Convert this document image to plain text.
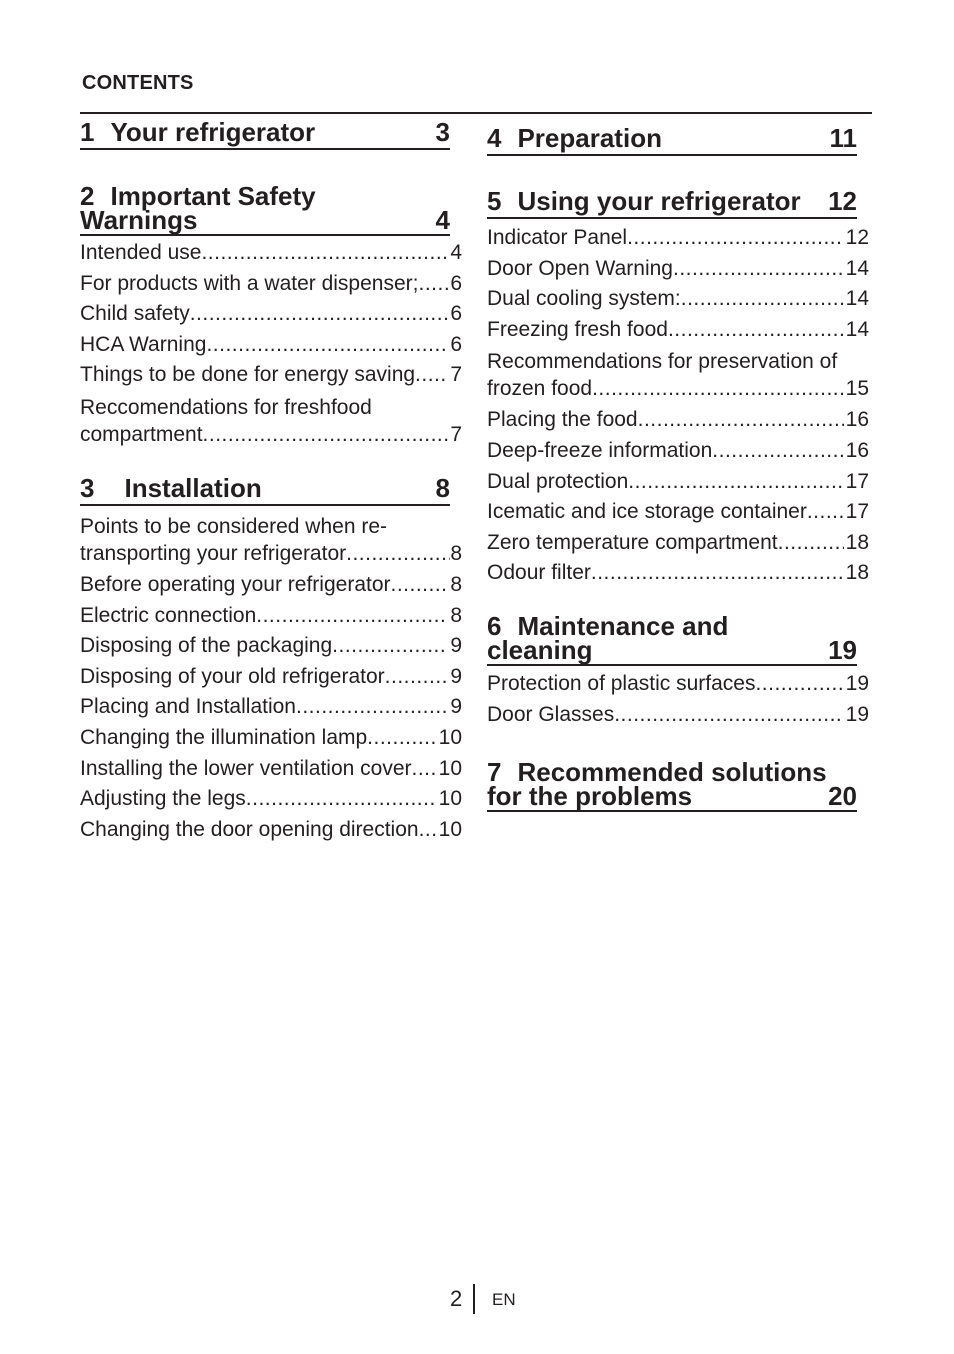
CONTENTS
1 Your refrigerator	3
2 Important Safety
Warnings	4
Intended use .....	4
For products with a water dispenser; ..... 6
Child safety .....	6
HCA Warning .....	6
Things to be done for energy saving ..... 7
Reccomendations for freshfood
compartment .....	7
3 Installation	8
Points to be considered when re-
transporting your refrigerator .....	8
Before operating your refrigerator .....	8
Electric connection .....	8
Disposing of the packaging .....	9
Disposing of your old refrigerator .....	9
Placing and Installation .....	9
Changing the illumination lamp .....	10
Installing the lower ventilation cover ..... 10
Adjusting the legs .....	10
Changing the door opening direction ..... 10
4 Preparation	11
5 Using your refrigerator 12
Indicator Panel .....	12
Door Open Warning .....	14
Dual cooling system: .....	14
Freezing fresh food .....	14
Recommendations for preservation of
frozen food .....	15
Placing the food .....	16
Deep-freeze information .....	16
Dual protection .....	17
Icematic and ice storage container ..... 17
Zero temperature compartment .....	18
Odour filter .....	18
6 Maintenance and
cleaning	19
Protection of plastic surfaces .....	19
Door Glasses .....	19
7 Recommended solutions
for the problems	20
2 EN
